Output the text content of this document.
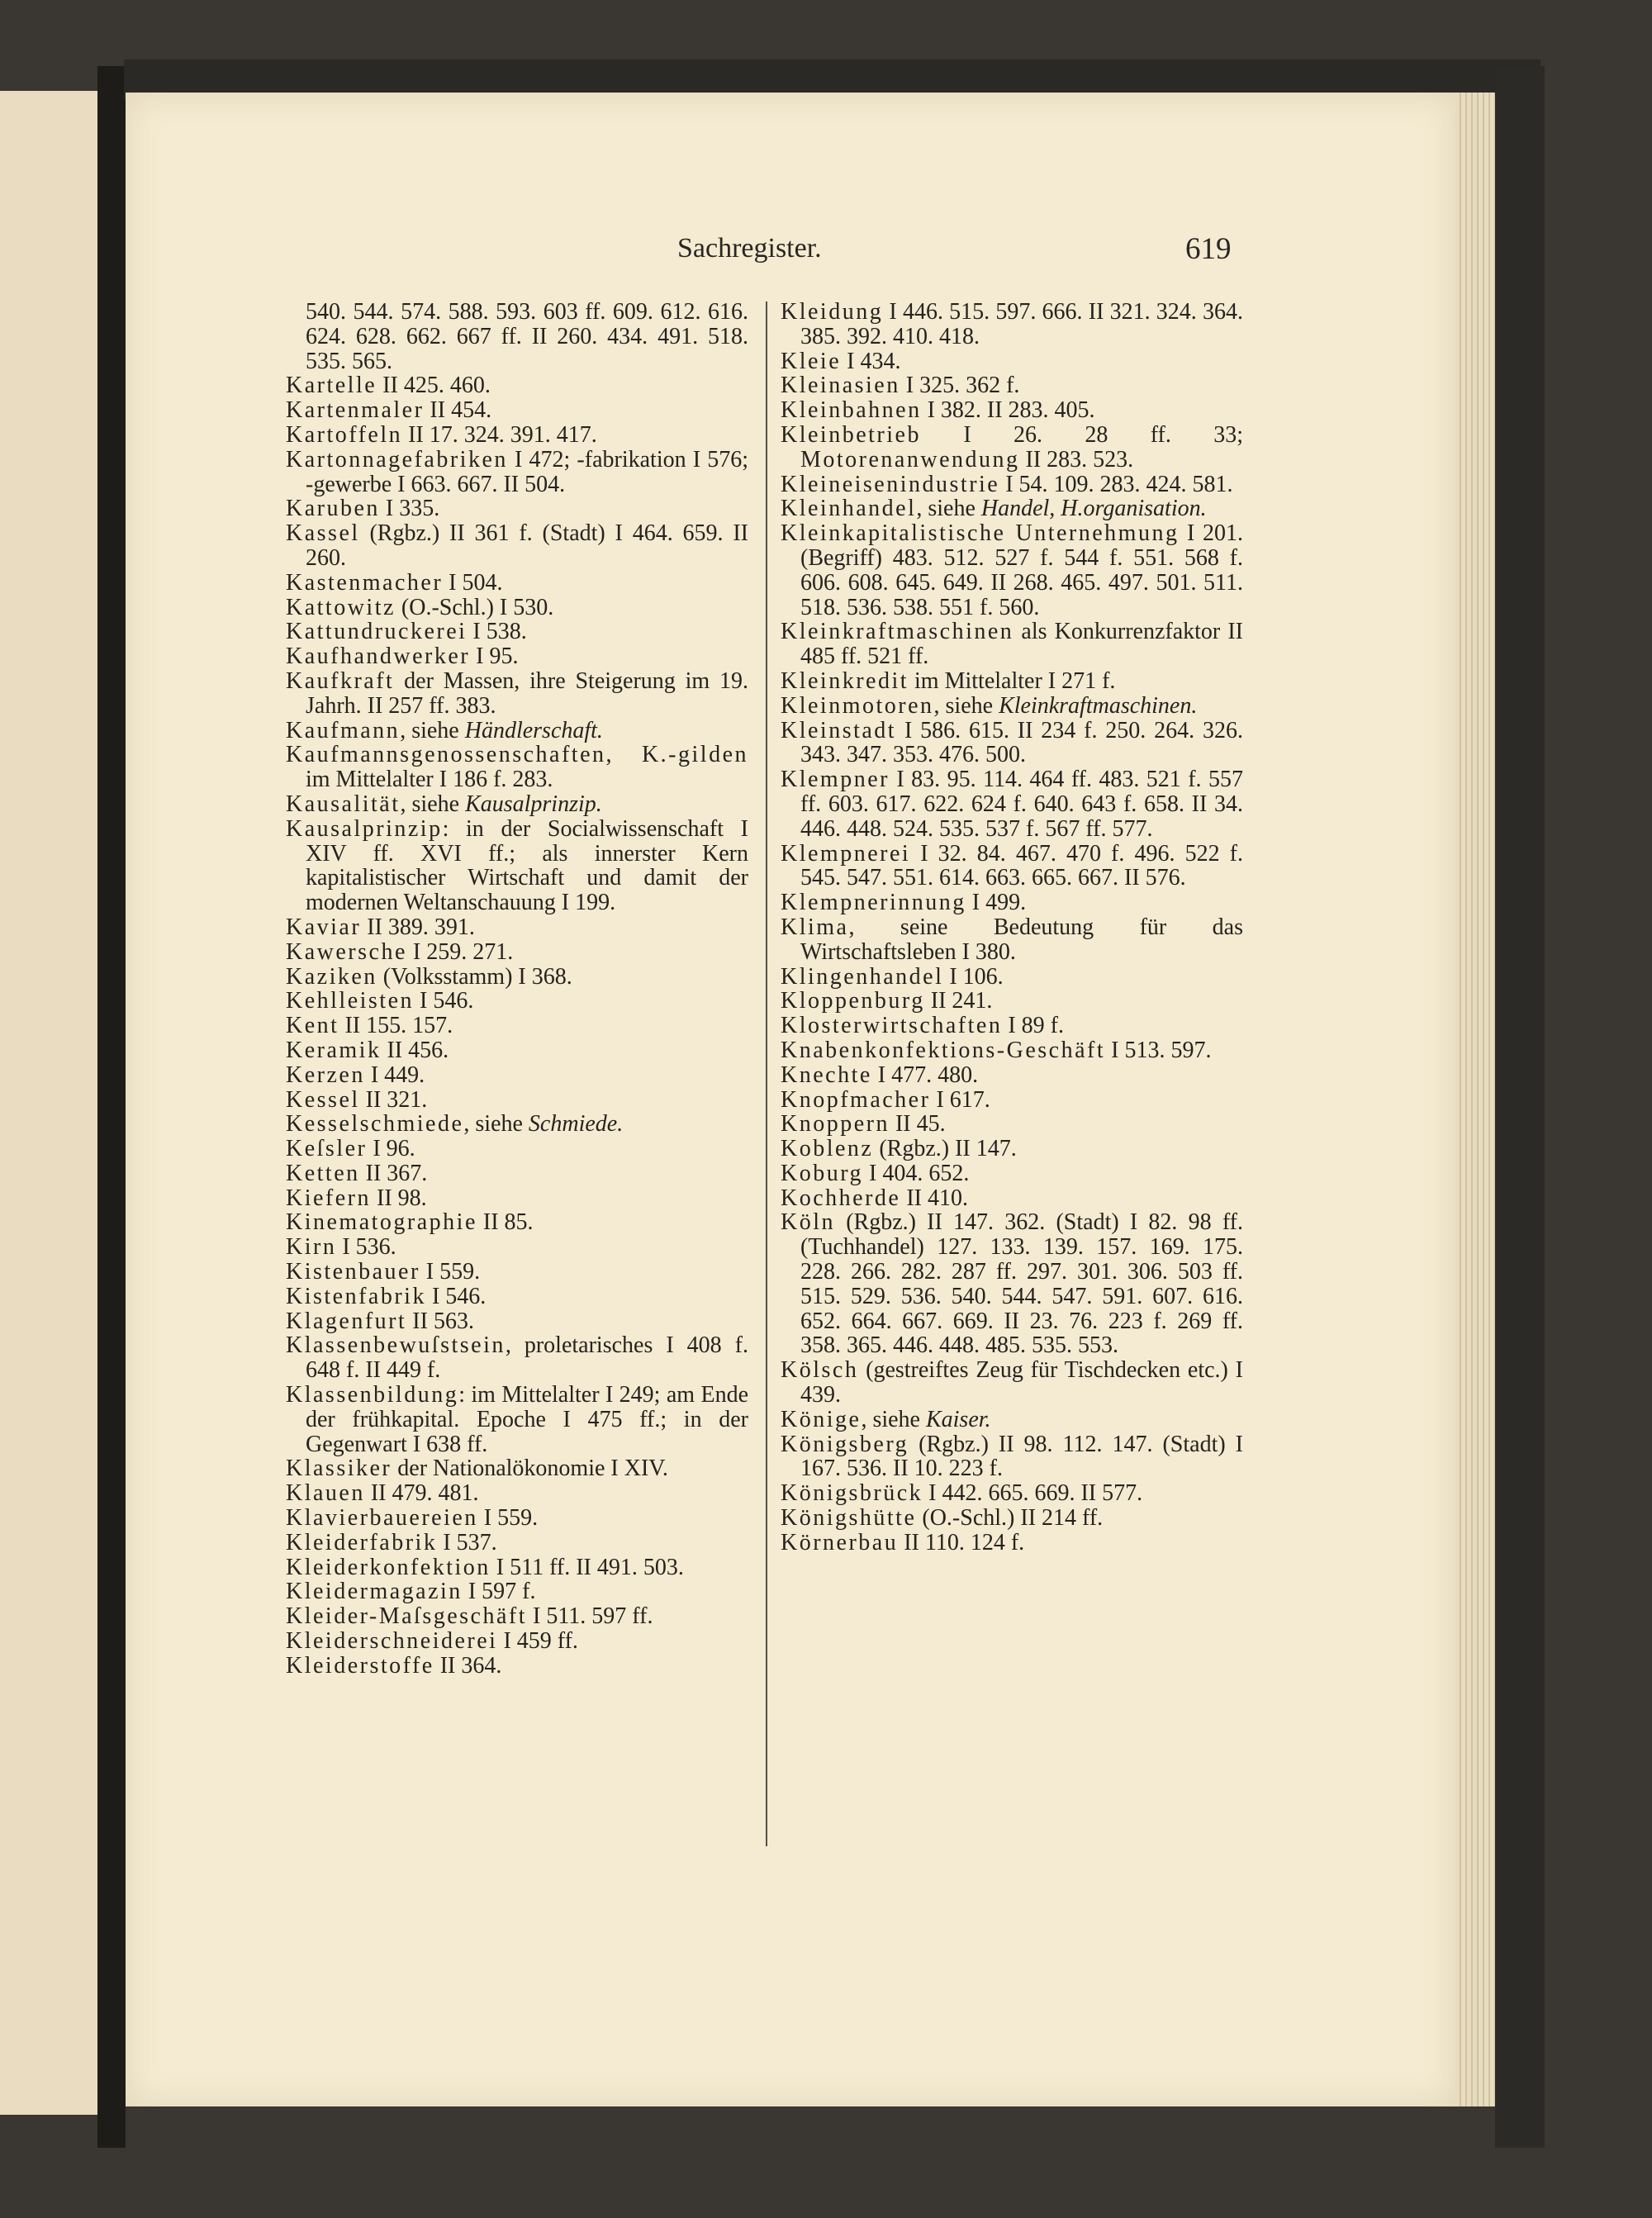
Sachregister.	619

540. 544. 574. 588. 593. 603 ff. 609. 612. 616. 624. 628. 662. 667 ff. II 260. 434. 491. 518. 535. 565.

Kartelle II 425. 460.

Kartenmaler II 454.

Kartoffeln II 17. 324. 391. 417.

Kartonnagefabriken I 472; -fabrikation I 576; -gewerbe I 663. 667. II 504.

Karuben I 335.

Kassel (Rgbz.) II 361 f. (Stadt) I 464. 659. II 260.

Kastenmacher I 504.

Kattowitz (O.-Schl.) I 530.

Kattundruckerei I 538.

Kaufhandwerker I 95.

Kaufkraft der Massen, ihre Steigerung im 19. Jahrh. II 257 ff. 383.

Kaufmann, siehe Händlerschaft.

Kaufmannsgenossenschaften, K.-gilden im Mittelalter I 186 f. 283.

Kausalität, siehe Kausalprinzip.

Kausalprinzip: in der Socialwissenschaft I XIV ff. XVI ff.; als innerster Kern kapitalistischer Wirtschaft und damit der modernen Weltanschauung I 199.

Kaviar II 389. 391.

Kawersche I 259. 271.

Kaziken (Volksstamm) I 368.

Kehlleisten I 546.

Kent II 155. 157.

Keramik II 456.

Kerzen I 449.

Kessel II 321.

Kesselschmiede, siehe Schmiede.

Keſsler I 96.

Ketten II 367.

Kiefern II 98.

Kinematographie II 85.

Kirn I 536.

Kistenbauer I 559.

Kistenfabrik I 546.

Klagenfurt II 563.

Klassenbewuſstsein, proletarisches I 408 f. 648 f. II 449 f.

Klassenbildung: im Mittelalter I 249; am Ende der frühkapital. Epoche I 475 ff.; in der Gegenwart I 638 ff.

Klassiker der Nationalökonomie I XIV.

Klauen II 479. 481.

Klavierbauereien I 559.

Kleiderfabrik I 537.

Kleiderkonfektion I 511 ff. II 491. 503.

Kleidermagazin I 597 f.

Kleider-Maſsgeschäft I 511. 597 ff.

Kleiderschneiderei I 459 ff.

Kleiderstoffe II 364.

Kleidung I 446. 515. 597. 666. II 321. 324. 364. 385. 392. 410. 418.

Kleie I 434.

Kleinasien I 325. 362 f.

Kleinbahnen I 382. II 283. 405.

Kleinbetrieb I 26. 28 ff. 33; Motorenanwendung II 283. 523.

Kleineisenindustrie I 54. 109. 283. 424. 581.

Kleinhandel, siehe Handel, H.organisation.

Kleinkapitalistische Unternehmung I 201. (Begriff) 483. 512. 527 f. 544 f. 551. 568 f. 606. 608. 645. 649. II 268. 465. 497. 501. 511. 518. 536. 538. 551 f. 560.

Kleinkraftmaschinen als Konkurrenzfaktor II 485 ff. 521 ff.

Kleinkredit im Mittelalter I 271 f.

Kleinmotoren, siehe Kleinkraftmaschinen.

Kleinstadt I 586. 615. II 234 f. 250. 264. 326. 343. 347. 353. 476. 500.

Klempner I 83. 95. 114. 464 ff. 483. 521 f. 557 ff. 603. 617. 622. 624 f. 640. 643 f. 658. II 34. 446. 448. 524. 535. 537 f. 567 ff. 577.

Klempnerei I 32. 84. 467. 470 f. 496. 522 f. 545. 547. 551. 614. 663. 665. 667. II 576.

Klempnerinnung I 499.

Klima, seine Bedeutung für das Wirtschaftsleben I 380.

Klingenhandel I 106.

Kloppenburg II 241.

Klosterwirtschaften I 89 f.

Knabenkonfektions-Geschäft I 513. 597.

Knechte I 477. 480.

Knopfmacher I 617.

Knoppern II 45.

Koblenz (Rgbz.) II 147.

Koburg I 404. 652.

Kochherde II 410.

Köln (Rgbz.) II 147. 362. (Stadt) I 82. 98 ff. (Tuchhandel) 127. 133. 139. 157. 169. 175. 228. 266. 282. 287 ff. 297. 301. 306. 503 ff. 515. 529. 536. 540. 544. 547. 591. 607. 616. 652. 664. 667. 669. II 23. 76. 223 f. 269 ff. 358. 365. 446. 448. 485. 535. 553.

Kölsch (gestreiftes Zeug für Tischdecken etc.) I 439.

Könige, siehe Kaiser.

Königsberg (Rgbz.) II 98. 112. 147. (Stadt) I 167. 536. II 10. 223 f.

Königsbrück I 442. 665. 669. II 577.

Königshütte (O.-Schl.) II 214 ff.

Körnerbau II 110. 124 f.
